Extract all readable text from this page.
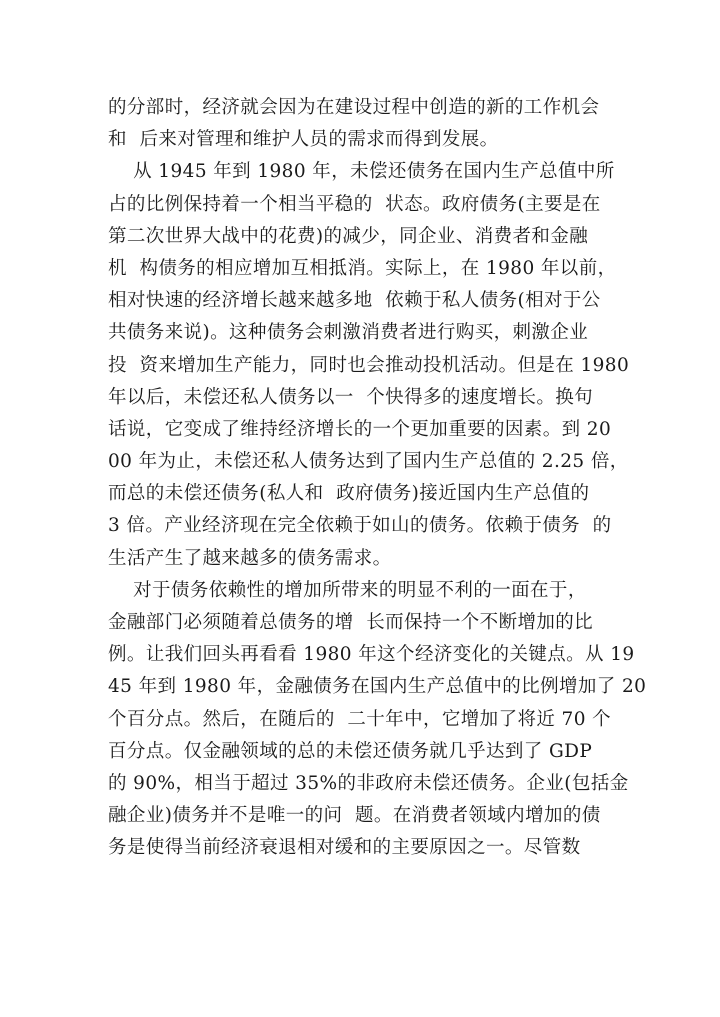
的分部时，经济就会因为在建设过程中创造的新的工作机会
和  后来对管理和维护人员的需求而得到发展。
从 1945 年到 1980 年，未偿还债务在国内生产总值中所
占的比例保持着一个相当平稳的  状态。政府债务(主要是在
第二次世界大战中的花费)的减少，同企业、消费者和金融
机  构债务的相应增加互相抵消。实际上，在 1980 年以前，
相对快速的经济增长越来越多地  依赖于私人债务(相对于公
共债务来说)。这种债务会刺激消费者进行购买，刺激企业
投  资来增加生产能力，同时也会推动投机活动。但是在 1980
年以后，未偿还私人债务以一  个快得多的速度增长。换句
话说，它变成了维持经济增长的一个更加重要的因素。到 20
00 年为止，未偿还私人债务达到了国内生产总值的 2.25 倍，
而总的未偿还债务(私人和  政府债务)接近国内生产总值的
3 倍。产业经济现在完全依赖于如山的债务。依赖于债务  的
生活产生了越来越多的债务需求。
对于债务依赖性的增加所带来的明显不利的一面在于，
金融部门必须随着总债务的增  长而保持一个不断增加的比
例。让我们回头再看看 1980 年这个经济变化的关键点。从 19
45 年到 1980 年，金融债务在国内生产总值中的比例增加了 20
个百分点。然后，在随后的  二十年中，它增加了将近 70 个
百分点。仅金融领域的总的未偿还债务就几乎达到了 GDP
的 90%，相当于超过 35%的非政府未偿还债务。企业(包括金
融企业)债务并不是唯一的问  题。在消费者领域内增加的债
务是使得当前经济衰退相对缓和的主要原因之一。尽管数
